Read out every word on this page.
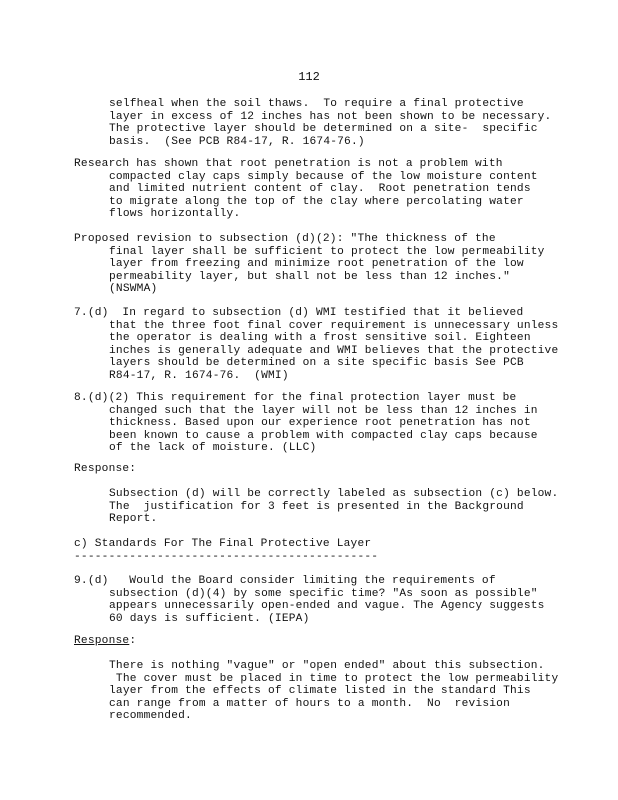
112
selfheal when the soil thaws.  To require a final protective
layer in excess of 12 inches has not been shown to be necessary.
The protective layer should be determined on a site-  specific
basis.  (See PCB R84-17, R. 1674-76.)
Research has shown that root penetration is not a problem with
compacted clay caps simply because of the low moisture content
and limited nutrient content of clay.  Root penetration tends
to migrate along the top of the clay where percolating water
flows horizontally.
Proposed revision to subsection (d)(2): "The thickness of the
final layer shall be sufficient to protect the low permeability
layer from freezing and minimize root penetration of the low
permeability layer, but shall not be less than 12 inches."
(NSWMA)
7.(d)  In regard to subsection (d) WMI testified that it believed
that the three foot final cover requirement is unnecessary unless
the operator is dealing with a frost sensitive soil. Eighteen
inches is generally adequate and WMI believes that the protective
layers should be determined on a site specific basis See PCB
R84-17, R. 1674-76.  (WMI)
8.(d)(2) This requirement for the final protection layer must be
changed such that the layer will not be less than 12 inches in
thickness. Based upon our experience root penetration has not
been known to cause a problem with compacted clay caps because
of the lack of moisture. (LLC)
Response:
Subsection (d) will be correctly labeled as subsection (c) below.
The  justification for 3 feet is presented in the Background
Report.
c) Standards For The Final Protective Layer
--------------------------------------------
9.(d)   Would the Board consider limiting the requirements of
subsection (d)(4) by some specific time? "As soon as possible"
appears unnecessarily open-ended and vague. The Agency suggests
60 days is sufficient. (IEPA)
Response:
There is nothing "vague" or "open ended" about this subsection.
The cover must be placed in time to protect the low permeability
layer from the effects of climate listed in the standard This
can range from a matter of hours to a month.  No  revision
recommended.
